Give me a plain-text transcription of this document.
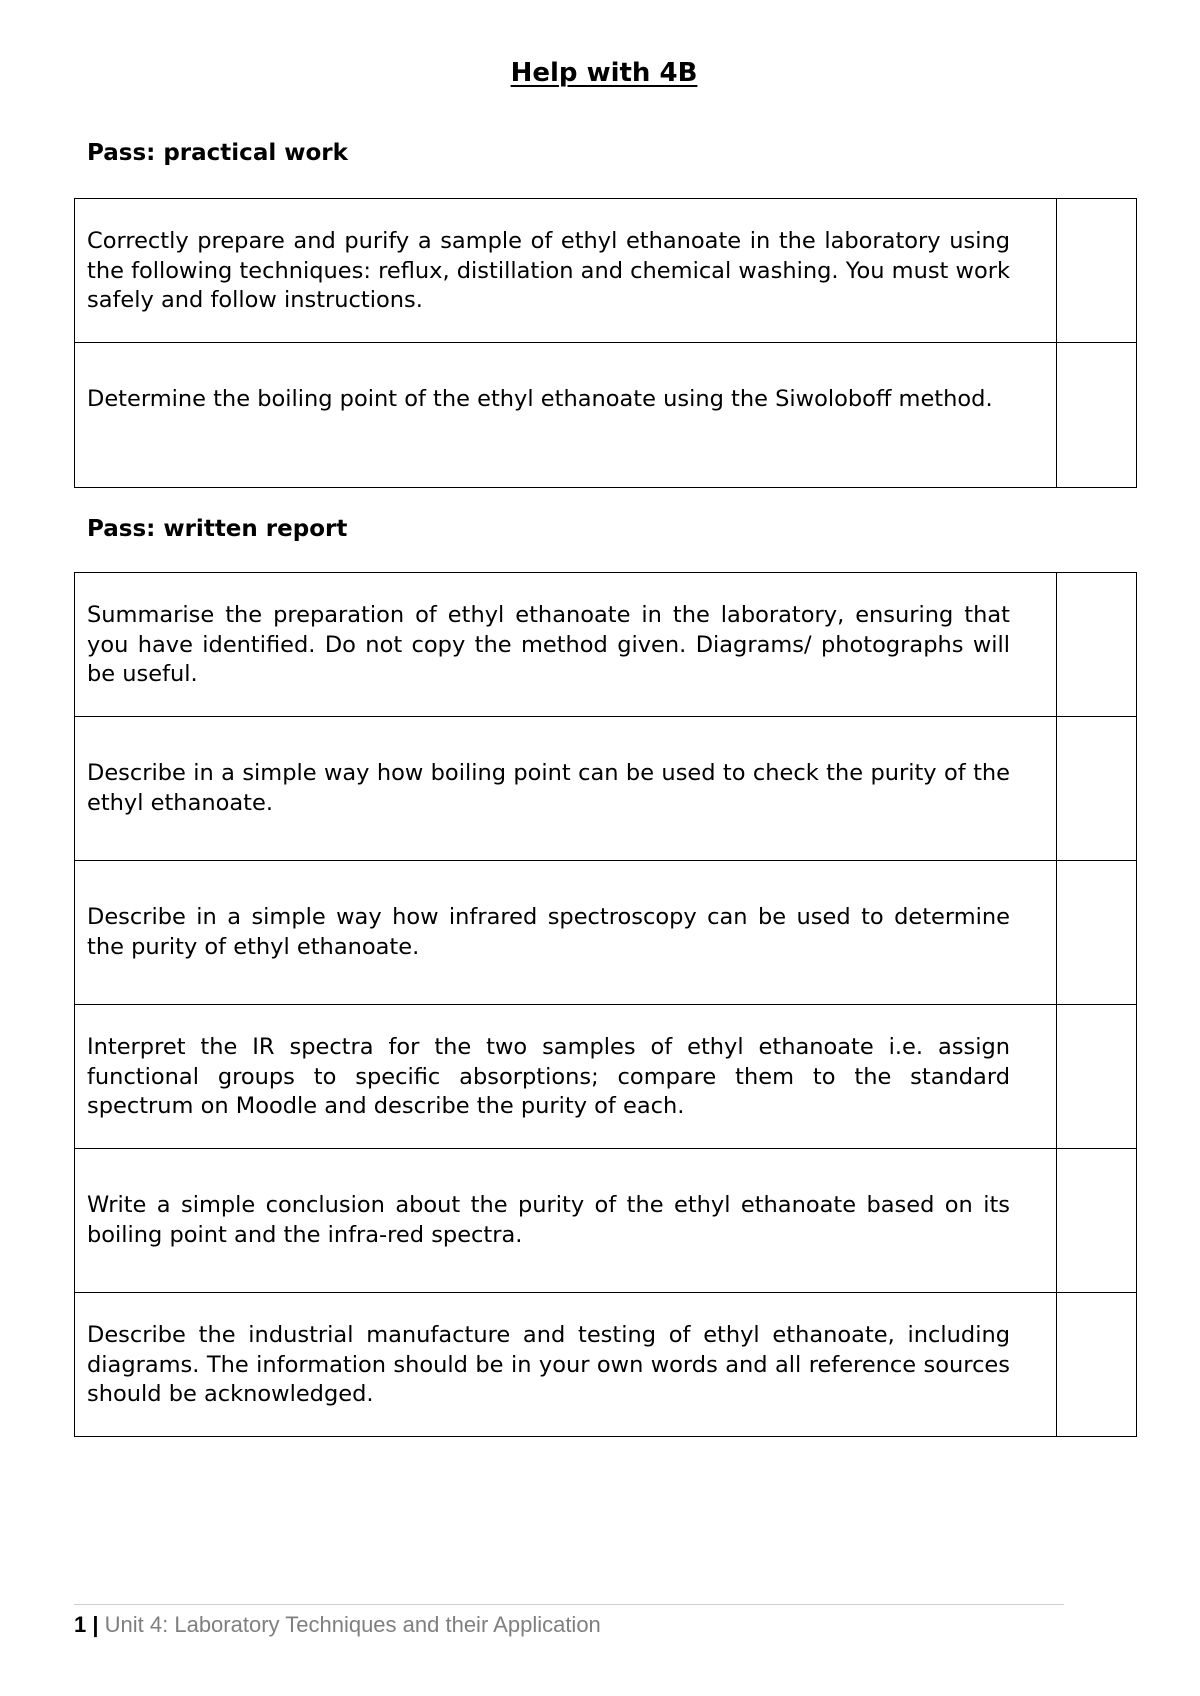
Help with 4B
Pass: practical work
Correctly prepare and purify a sample of ethyl ethanoate in the laboratory using the following techniques: reflux, distillation and chemical washing. You must work safely and follow instructions.	

Determine the boiling point of the ethyl ethanoate using the Siwoloboff method.	

Pass: written report
Summarise the preparation of ethyl ethanoate in the laboratory, ensuring that you have identified. Do not copy the method given. Diagrams/ photographs will be useful.	

Describe in a simple way how boiling point can be used to check the purity of the ethyl ethanoate.	

Describe in a simple way how infrared spectroscopy can be used to determine the purity of ethyl ethanoate.	

Interpret the IR spectra for the two samples of ethyl ethanoate i.e. assign functional groups to specific absorptions; compare them to the standard spectrum on Moodle and describe the purity of each.	

Write a simple conclusion about the purity of the ethyl ethanoate based on its boiling point and the infra-red spectra.	

Describe the industrial manufacture and testing of ethyl ethanoate, including diagrams. The information should be in your own words and all reference sources should be acknowledged.	

1 | Unit 4: Laboratory Techniques and their Application
